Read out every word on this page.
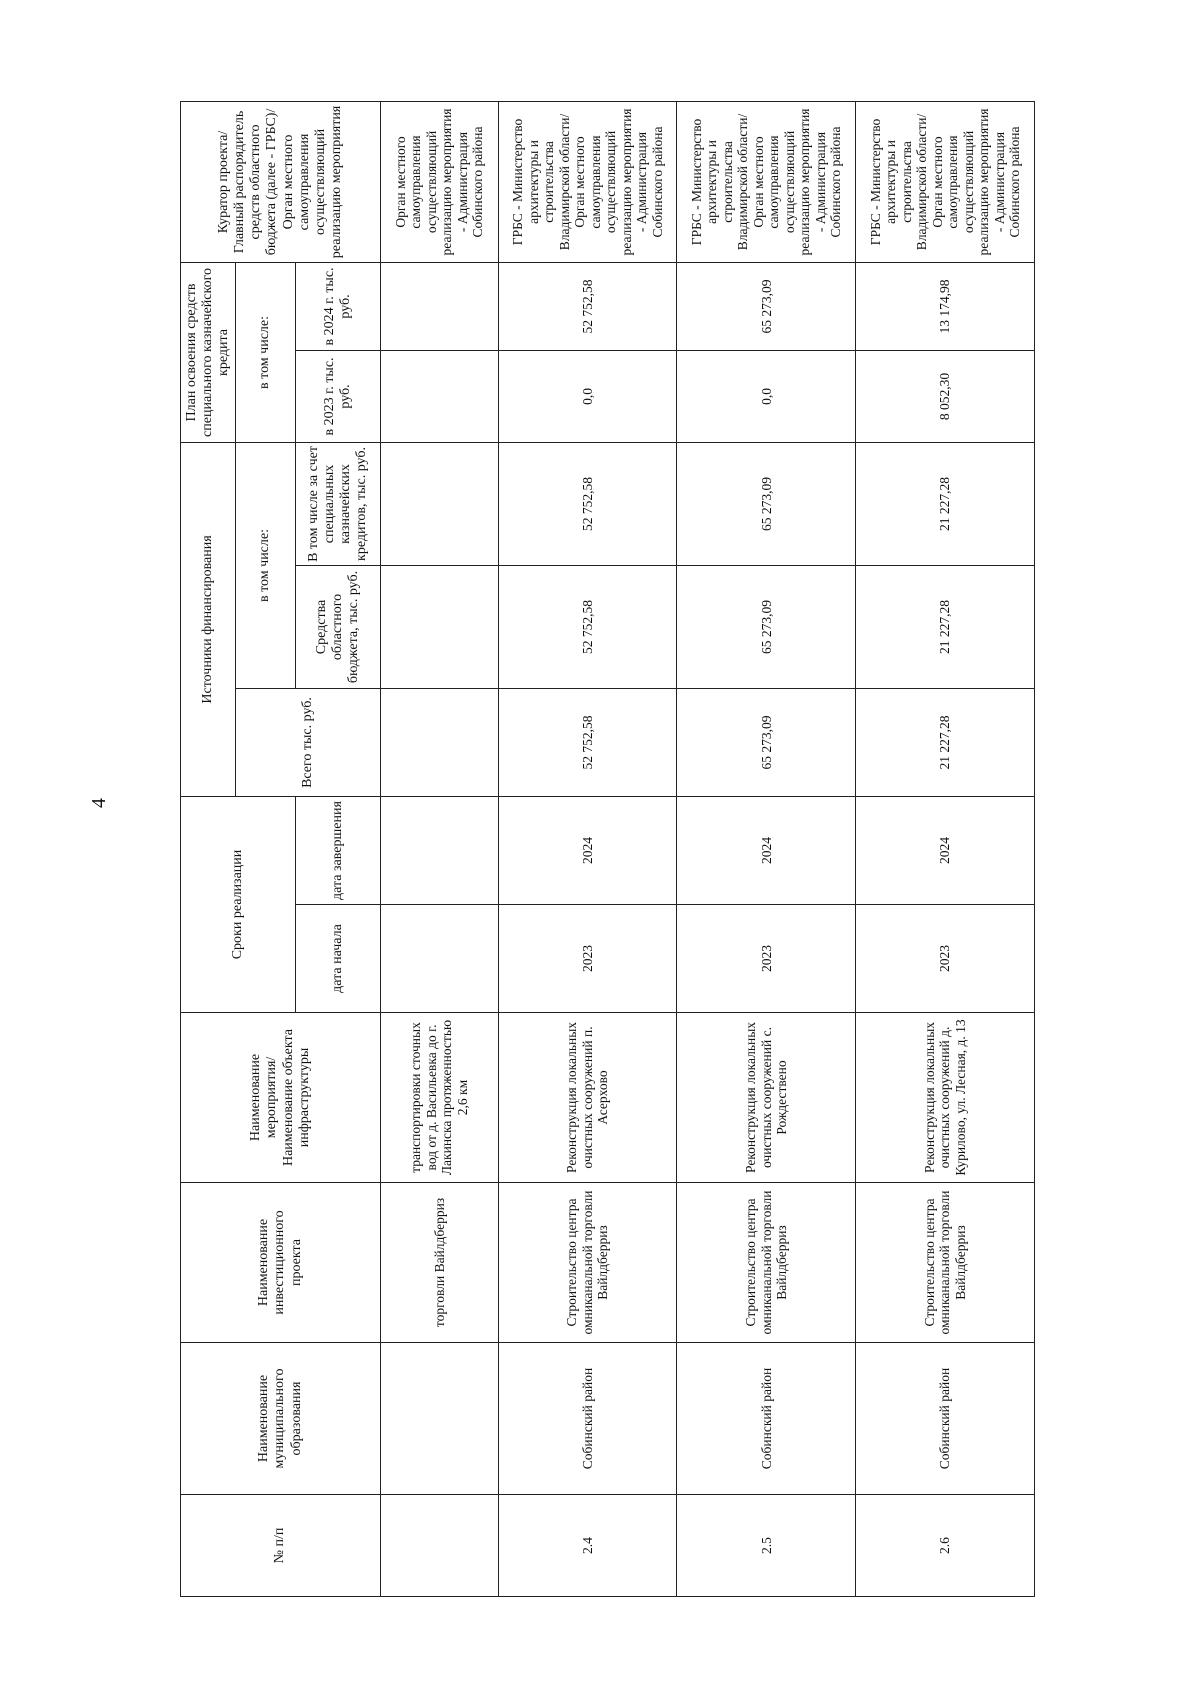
4
№ п/п	Наименование муниципального образования	Наименование инвестиционного проекта	Наименование мероприятия/ Наименование объекта инфраструктуры	Сроки реализации		Источники финансирования			План освоения средств специального казначейского кредита		Куратор проекта/ Главный распорядитель средств областного бюджета (далее - ГРБС)/ Орган местного самоуправления осуществляющий реализацию мероприятия
						Всего тыс. руб.	в том числе:		в том числе:		
				дата начала	дата завершения		Средства областного бюджета, тыс. руб.	В том числе за счет специальных казначейских кредитов, тыс. руб.	в 2023 г. тыс. руб.	в 2024 г. тыс. руб.	
		торговли Вайлдберриз	транспортировки сточных вод от д. Васильевка до г. Лакинска протяженностью 2,6 км								Орган местного самоуправления осуществляющий реализацию мероприятия - Администрация Собинского района
2.4	Собинский район	Строительство центра омниканальной торговли Вайлдберриз	Реконструкция локальных очистных сооружений п. Асерхово	2023	2024	52 752,58	52 752,58	52 752,58	0,0	52 752,58	ГРБС - Министерство архитектуры и строительства Владимирской области/ Орган местного самоуправления осуществляющий реализацию мероприятия - Администрация Собинского района
2.5	Собинский район	Строительство центра омниканальной торговли Вайлдберриз	Реконструкция локальных очистных сооружений с. Рождествено	2023	2024	65 273,09	65 273,09	65 273,09	0,0	65 273,09	ГРБС - Министерство архитектуры и строительства Владимирской области/ Орган местного самоуправления осуществляющий реализацию мероприятия - Администрация Собинского района
2.6	Собинский район	Строительство центра омниканальной торговли Вайлдберриз	Реконструкция локальных очистных сооружений д. Курилово, ул. Лесная, д. 13	2023	2024	21 227,28	21 227,28	21 227,28	8 052,30	13 174,98	ГРБС - Министерство архитектуры и строительства Владимирской области/ Орган местного самоуправления осуществляющий реализацию мероприятия - Администрация Собинского района
